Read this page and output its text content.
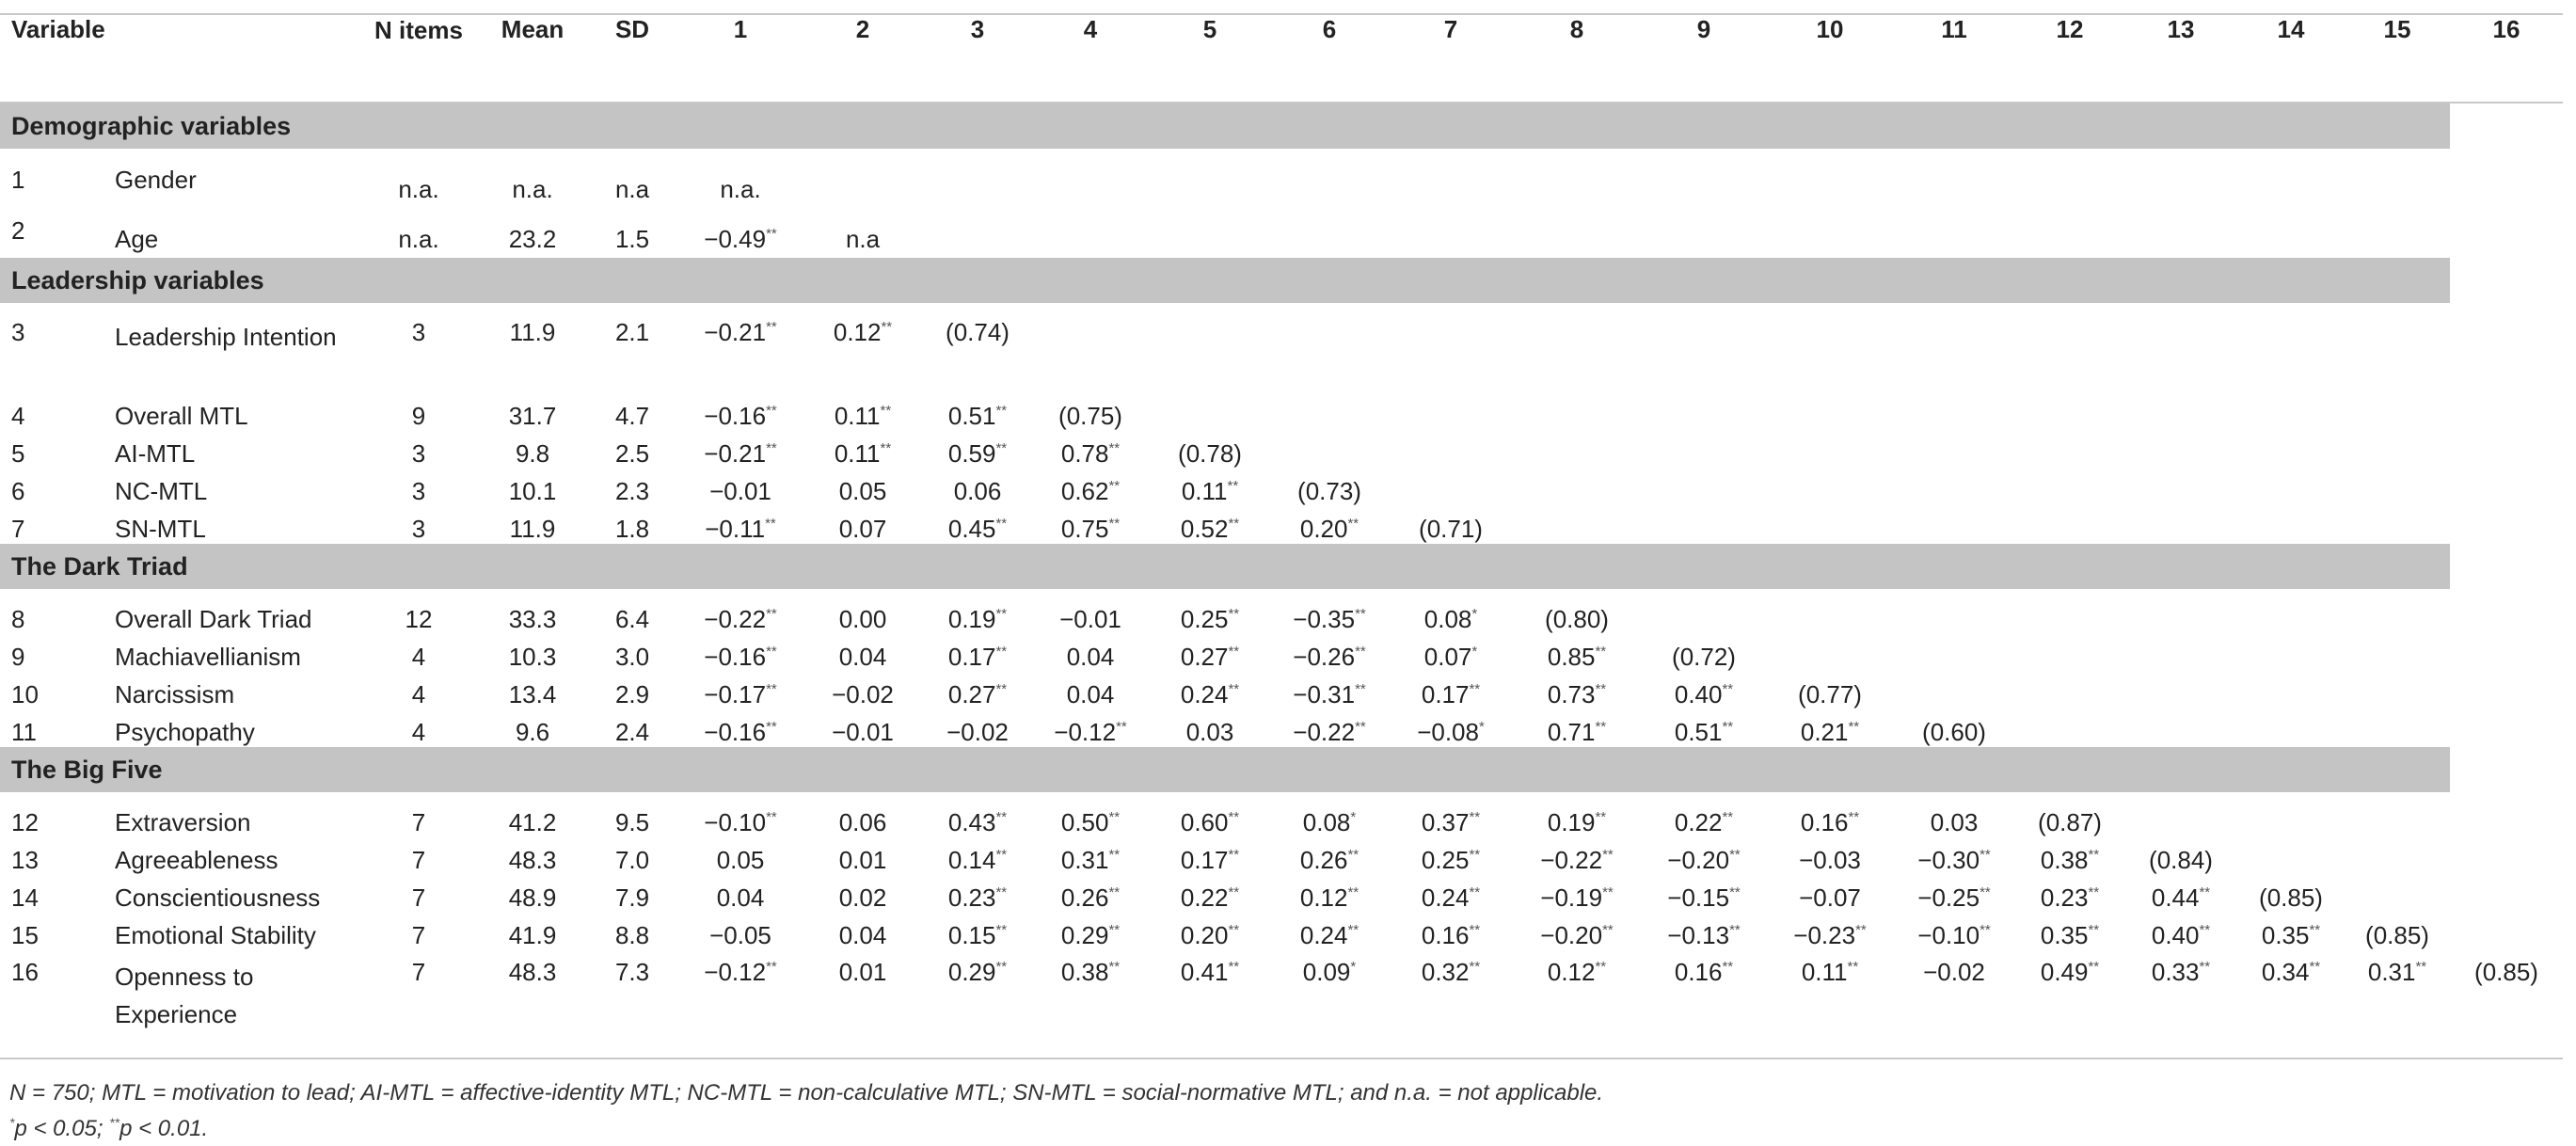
Variable		N items	Mean	SD	1	2	3	4	5	6	7	8	9	10	11	12	13	14	15	16
Demographic variables																				

1	Gender	n.a.	n.a.	n.a	n.a.															
2	Age	n.a.	23.2	1.5	−0.49**	n.a														
Leadership variables																				

3	Leadership Intention	3	11.9	2.1	−0.21**	0.12**	(0.74)													
4	Overall MTL	9	31.7	4.7	−0.16**	0.11**	0.51**	(0.75)												
5	AI-MTL	3	9.8	2.5	−0.21**	0.11**	0.59**	0.78**	(0.78)											
6	NC-MTL	3	10.1	2.3	−0.01	0.05	0.06	0.62**	0.11**	(0.73)										
7	SN-MTL	3	11.9	1.8	−0.11**	0.07	0.45**	0.75**	0.52**	0.20**	(0.71)									
The Dark Triad																				

8	Overall Dark Triad	12	33.3	6.4	−0.22**	0.00	0.19**	−0.01	0.25**	−0.35**	0.08*	(0.80)								
9	Machiavellianism	4	10.3	3.0	−0.16**	0.04	0.17**	0.04	0.27**	−0.26**	0.07*	0.85**	(0.72)							
10	Narcissism	4	13.4	2.9	−0.17**	−0.02	0.27**	0.04	0.24**	−0.31**	0.17**	0.73**	0.40**	(0.77)						
11	Psychopathy	4	9.6	2.4	−0.16**	−0.01	−0.02	−0.12**	0.03	−0.22**	−0.08*	0.71**	0.51**	0.21**	(0.60)					
The Big Five																				

12	Extraversion	7	41.2	9.5	−0.10**	0.06	0.43**	0.50**	0.60**	0.08*	0.37**	0.19**	0.22**	0.16**	0.03	(0.87)				
13	Agreeableness	7	48.3	7.0	0.05	0.01	0.14**	0.31**	0.17**	0.26**	0.25**	−0.22**	−0.20**	−0.03	−0.30**	0.38**	(0.84)			
14	Conscientiousness	7	48.9	7.9	0.04	0.02	0.23**	0.26**	0.22**	0.12**	0.24**	−0.19**	−0.15**	−0.07	−0.25**	0.23**	0.44**	(0.85)		
15	Emotional Stability	7	41.9	8.8	−0.05	0.04	0.15**	0.29**	0.20**	0.24**	0.16**	−0.20**	−0.13**	−0.23**	−0.10**	0.35**	0.40**	0.35**	(0.85)	
16	Openness to Experience	7	48.3	7.3	−0.12**	0.01	0.29**	0.38**	0.41**	0.09*	0.32**	0.12**	0.16**	0.11**	−0.02	0.49**	0.33**	0.34**	0.31**	(0.85)
N = 750; MTL = motivation to lead; AI-MTL = affective-identity MTL; NC-MTL = non-calculative MTL; SN-MTL = social-normative MTL; and n.a. = not applicable.
*p < 0.05; **p < 0.01.
